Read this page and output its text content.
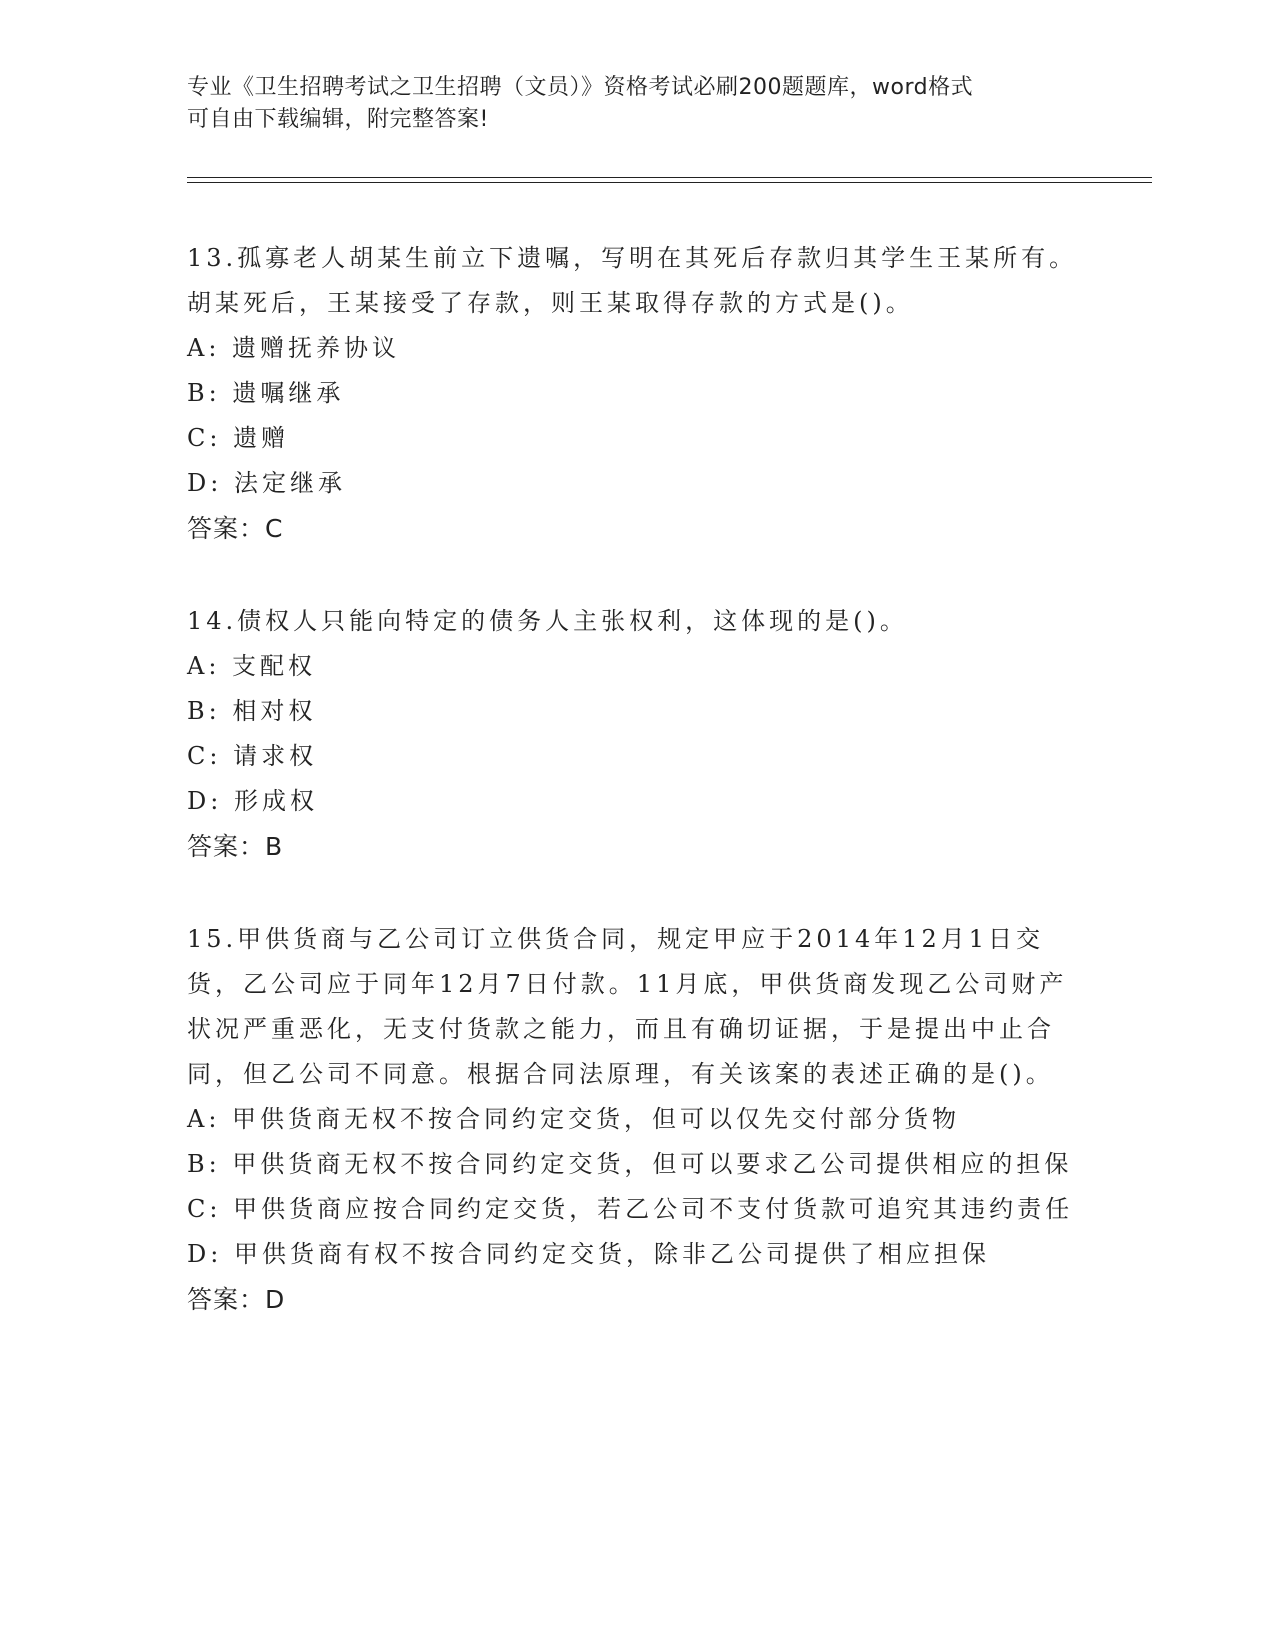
专业《卫生招聘考试之卫生招聘（文员）》资格考试必刷200题题库，word格式
可自由下载编辑，附完整答案!

13.孤寡老人胡某生前立下遗嘱，写明在其死后存款归其学生王某所有。胡某死后，王某接受了存款，则王某取得存款的方式是()。

A: 遗赠抚养协议

B: 遗嘱继承

C: 遗赠

D: 法定继承

答案：C

14.债权人只能向特定的债务人主张权利，这体现的是()。

A: 支配权

B: 相对权

C: 请求权

D: 形成权

答案：B

15.甲供货商与乙公司订立供货合同，规定甲应于2014年12月1日交货，乙公司应于同年12月7日付款。11月底，甲供货商发现乙公司财产状况严重恶化，无支付货款之能力，而且有确切证据，于是提出中止合同，但乙公司不同意。根据合同法原理，有关该案的表述正确的是()。

A: 甲供货商无权不按合同约定交货，但可以仅先交付部分货物

B: 甲供货商无权不按合同约定交货，但可以要求乙公司提供相应的担保

C: 甲供货商应按合同约定交货，若乙公司不支付货款可追究其违约责任

D: 甲供货商有权不按合同约定交货，除非乙公司提供了相应担保

答案：D
